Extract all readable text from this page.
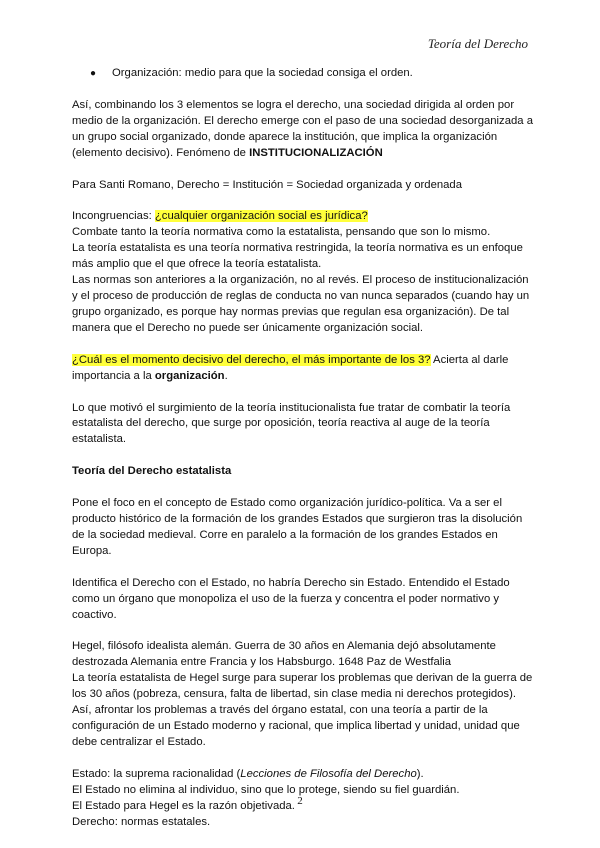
Teoría del Derecho
●	Organización: medio para que la sociedad consiga el orden.

Así, combinando los 3 elementos se logra el derecho, una sociedad dirigida al orden por medio de la organización. El derecho emerge con el paso de una sociedad desorganizada a un grupo social organizado, donde aparece la institución, que implica la organización (elemento decisivo). Fenómeno de INSTITUCIONALIZACIÓN

Para Santi Romano, Derecho = Institución = Sociedad organizada y ordenada

Incongruencias: ¿cualquier organización social es jurídica?

Combate tanto la teoría normativa como la estatalista, pensando que son lo mismo.

La teoría estatalista es una teoría normativa restringida, la teoría normativa es un enfoque más amplio que el que ofrece la teoría estatalista.

Las normas son anteriores a la organización, no al revés. El proceso de institucionalización y el proceso de producción de reglas de conducta no van nunca separados (cuando hay un grupo organizado, es porque hay normas previas que regulan esa organización). De tal manera que el Derecho no puede ser únicamente organización social.

¿Cuál es el momento decisivo del derecho, el más importante de los 3? Acierta al darle importancia a la organización.

Lo que motivó el surgimiento de la teoría institucionalista fue tratar de combatir la teoría estatalista del derecho, que surge por oposición, teoría reactiva al auge de la teoría estatalista.

Teoría del Derecho estatalista

Pone el foco en el concepto de Estado como organización jurídico-política. Va a ser el producto histórico de la formación de los grandes Estados que surgieron tras la disolución de la sociedad medieval. Corre en paralelo a la formación de los grandes Estados en Europa.

Identifica el Derecho con el Estado, no habría Derecho sin Estado. Entendido el Estado como un órgano que monopoliza el uso de la fuerza y concentra el poder normativo y coactivo.

Hegel, filósofo idealista alemán. Guerra de 30 años en Alemania dejó absolutamente destrozada Alemania entre Francia y los Habsburgo. 1648 Paz de Westfalia

La teoría estatalista de Hegel surge para superar los problemas que derivan de la guerra de los 30 años (pobreza, censura, falta de libertad, sin clase media ni derechos protegidos).

Así, afrontar los problemas a través del órgano estatal, con una teoría a partir de la configuración de un Estado moderno y racional, que implica libertad y unidad, unidad que debe centralizar el Estado.

Estado: la suprema racionalidad (Lecciones de Filosofía del Derecho).

El Estado no elimina al individuo, sino que lo protege, siendo su fiel guardián.

El Estado para Hegel es la razón objetivada.

Derecho: normas estatales.

2
